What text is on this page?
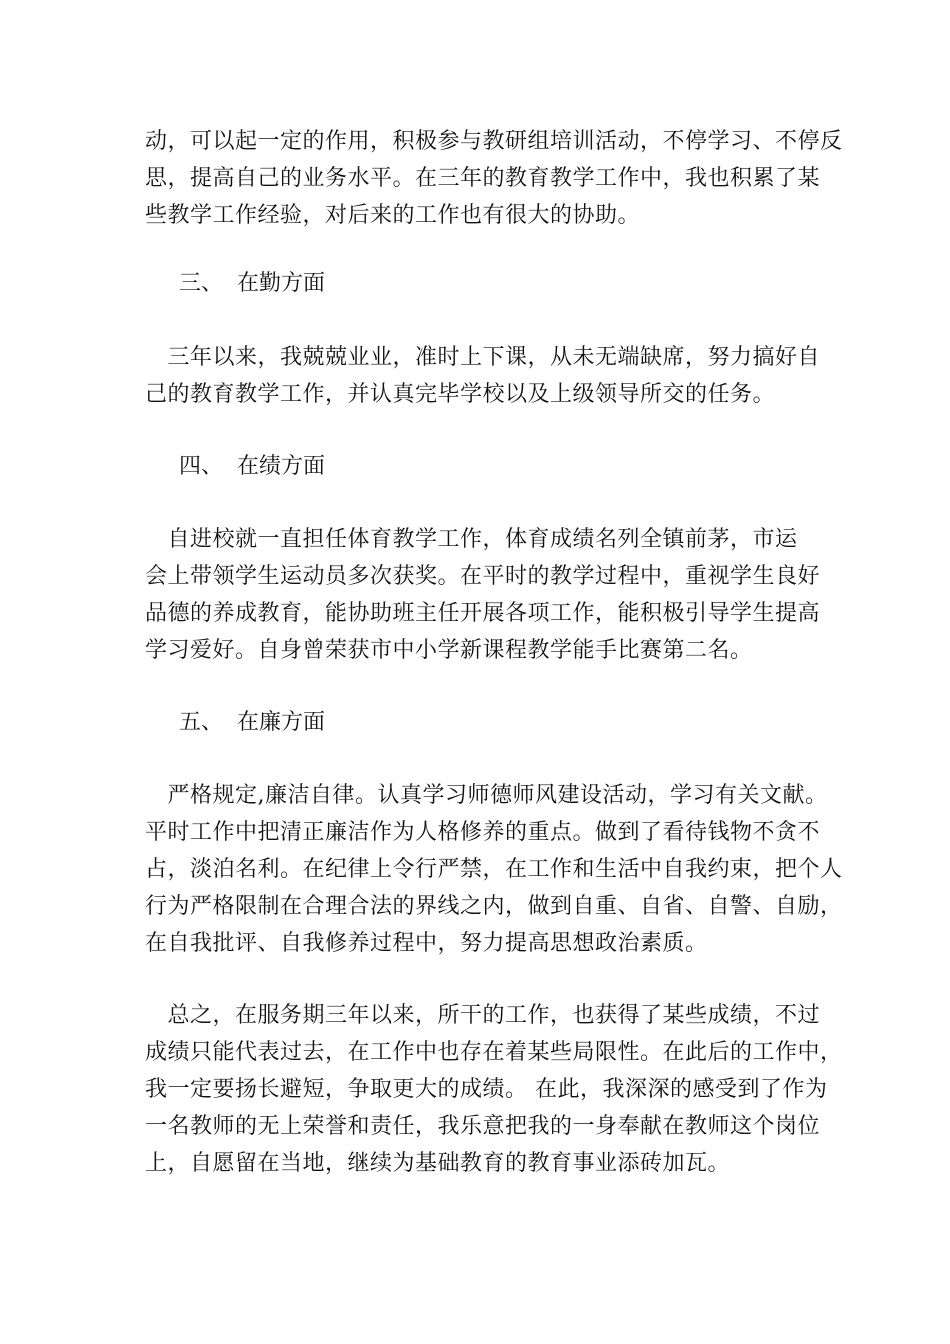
动，可以起一定的作用，积极参与教研组培训活动，不停学习、不停反
思，提高自己的业务水平。在三年的教育教学工作中，我也积累了某
些教学工作经验，对后来的工作也有很大的协助。
三、  在勤方面
　三年以来，我兢兢业业，准时上下课，从未无端缺席，努力搞好自
己的教育教学工作，并认真完毕学校以及上级领导所交的任务。
四、  在绩方面
　自进校就一直担任体育教学工作，体育成绩名列全镇前茅，市运
会上带领学生运动员多次获奖。在平时的教学过程中，重视学生良好
品德的养成教育，能协助班主任开展各项工作，能积极引导学生提高
学习爱好。自身曾荣获市中小学新课程教学能手比赛第二名。
五、  在廉方面
　严格规定,廉洁自律。认真学习师德师风建设活动，学习有关文献。
平时工作中把清正廉洁作为人格修养的重点。做到了看待钱物不贪不
占，淡泊名利。在纪律上令行严禁，在工作和生活中自我约束，把个人
行为严格限制在合理合法的界线之内，做到自重、自省、自警、自励，
在自我批评、自我修养过程中，努力提高思想政治素质。
　总之，在服务期三年以来，所干的工作，也获得了某些成绩，不过
成绩只能代表过去，在工作中也存在着某些局限性。在此后的工作中，
我一定要扬长避短，争取更大的成绩。 在此，我深深的感受到了作为
一名教师的无上荣誉和责任，我乐意把我的一身奉献在教师这个岗位
上，自愿留在当地，继续为基础教育的教育事业添砖加瓦。
